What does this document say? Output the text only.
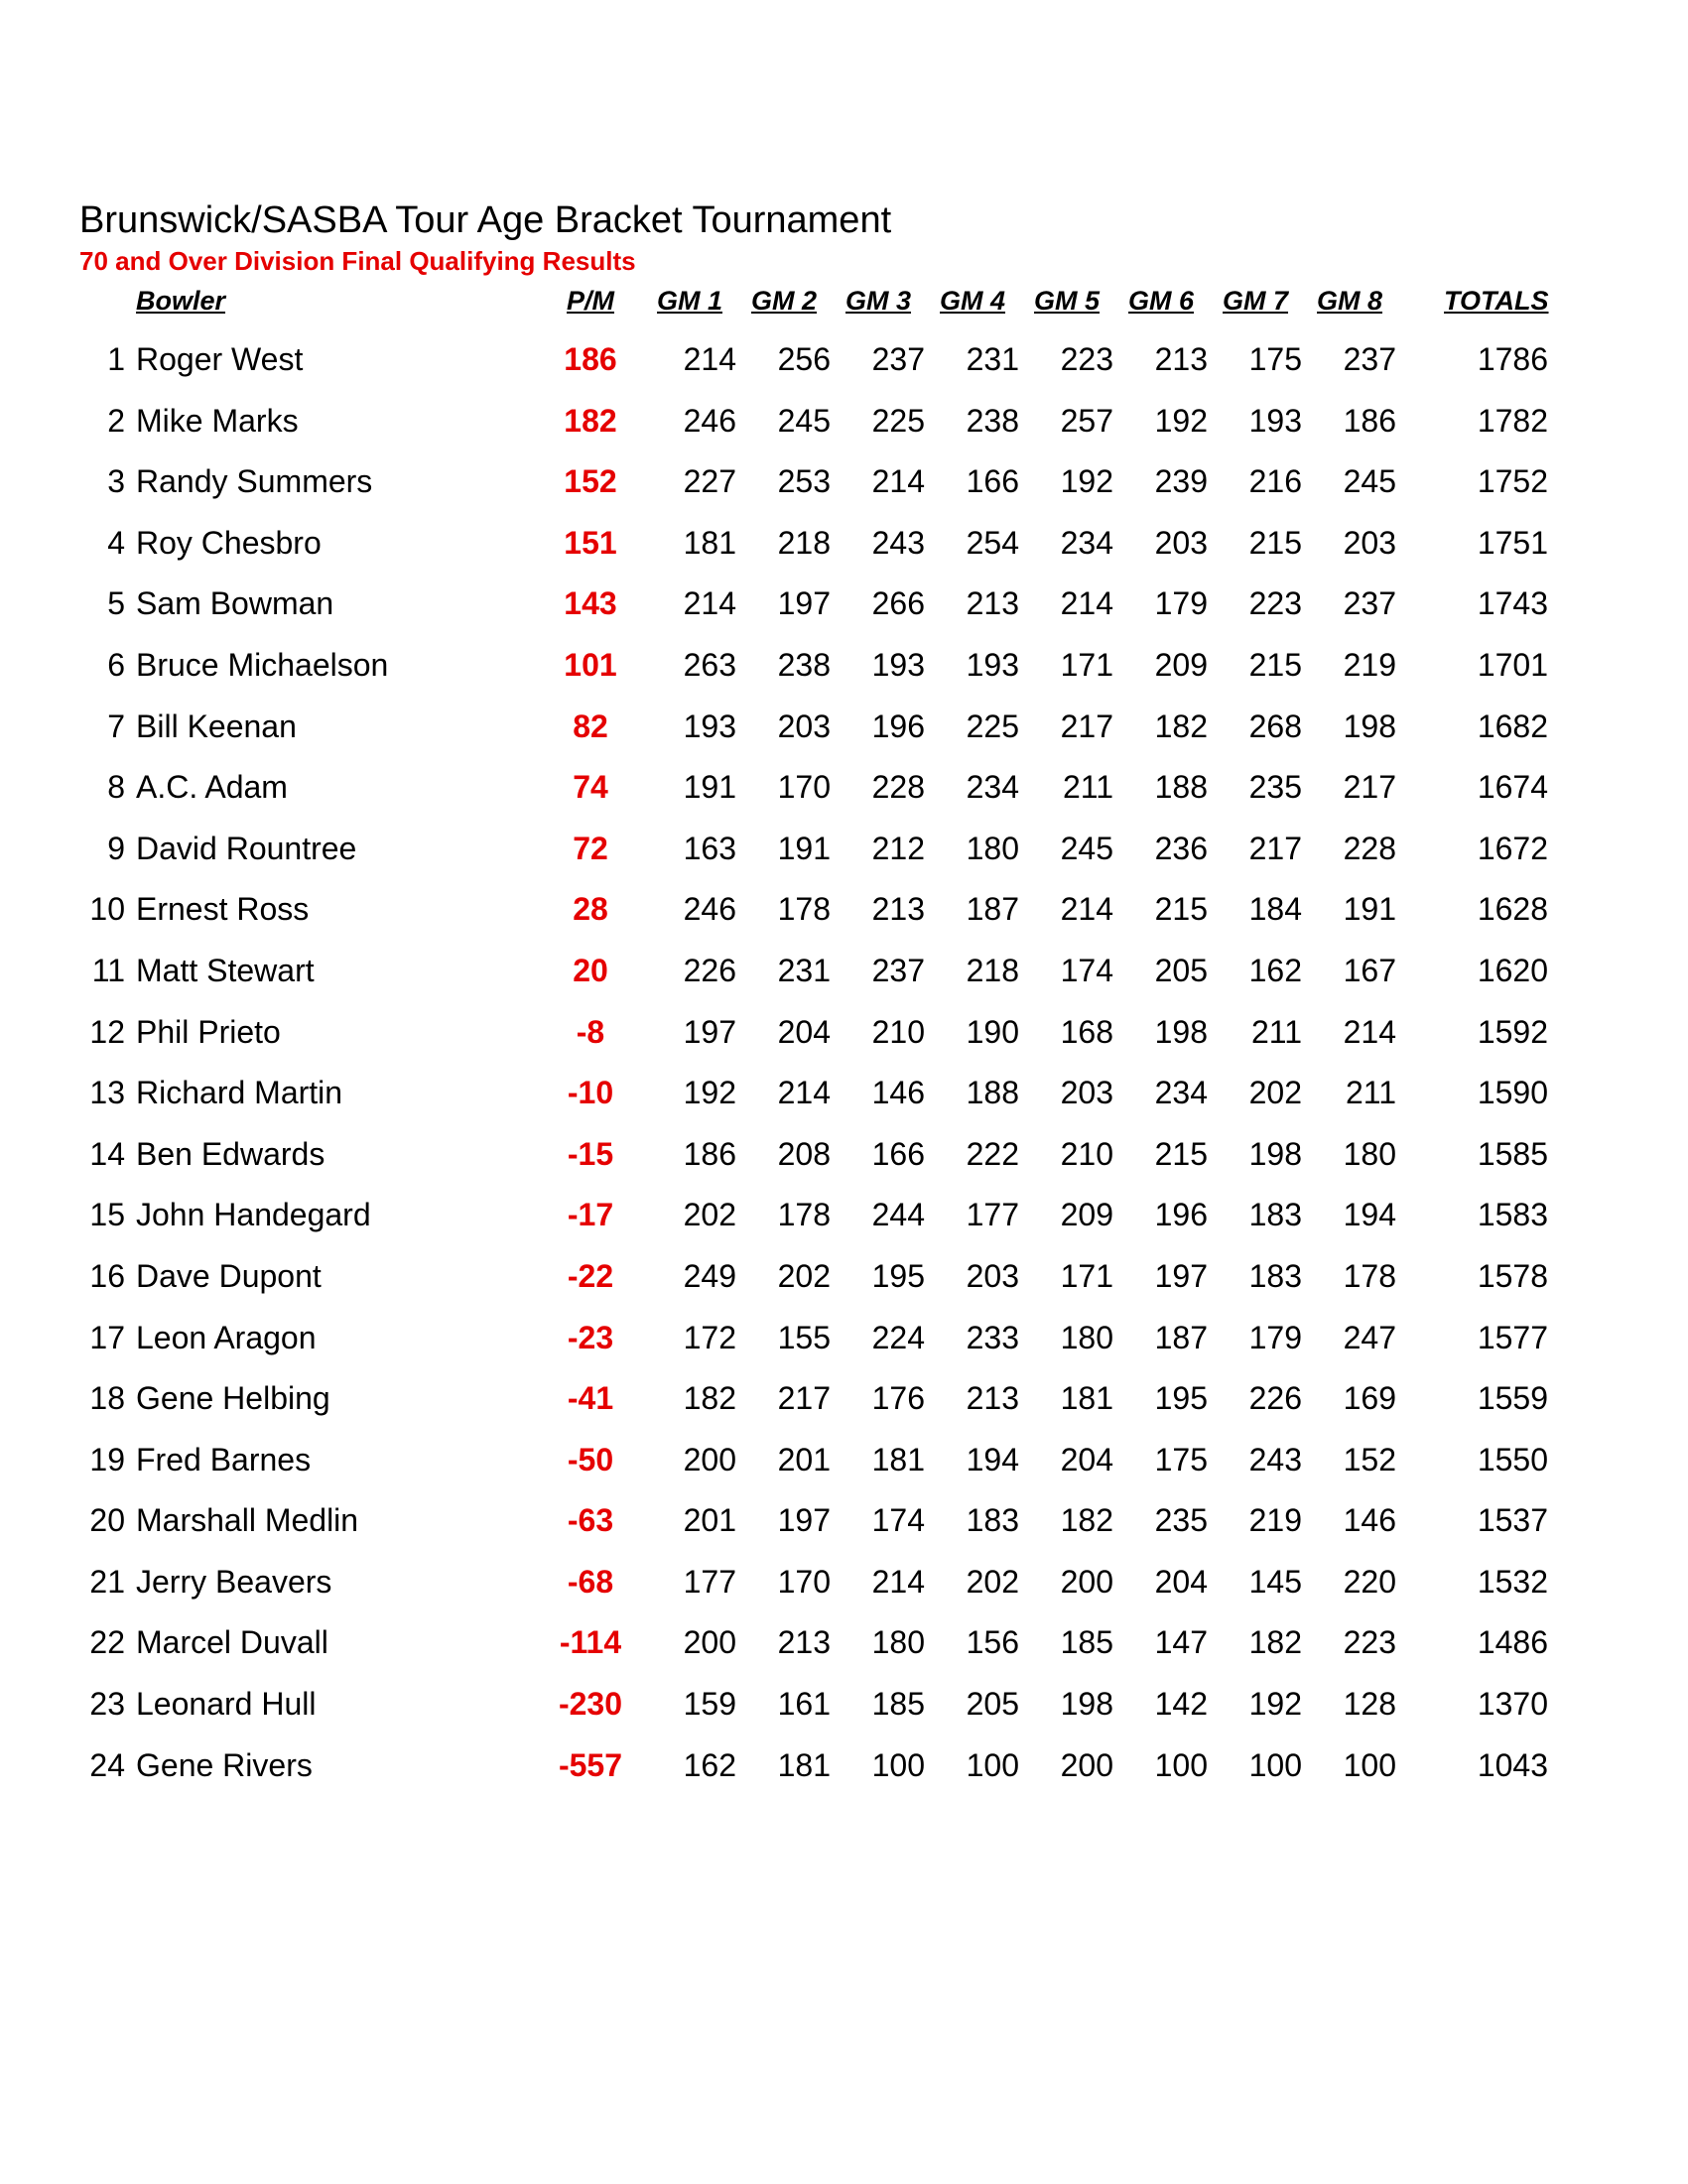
Brunswick/SASBA Tour Age Bracket Tournament
70 and Over Division Final Qualifying Results
Bowler	P/M	GM 1 GM 2 GM 3 GM 4 GM 5 GM 6 GM 7 GM 8 TOTALS
1 Roger West	186	214	256	237	231	223	213	175	237	1786
2 Mike Marks	182	246	245	225	238	257	192	193	186	1782
3 Randy Summers	152	227	253	214	166	192	239	216	245	1752
4 Roy Chesbro	151	181	218	243	254	234	203	215	203	1751
5 Sam Bowman	143	214	197	266	213	214	179	223	237	1743
6 Bruce Michaelson	101	263	238	193	193	171	209	215	219	1701
7 Bill Keenan	82	193	203	196	225	217	182	268	198	1682
8 A.C. Adam	74	191	170	228	234	211	188	235	217	1674
9 David Rountree	72	163	191	212	180	245	236	217	228	1672
10 Ernest Ross	28	246	178	213	187	214	215	184	191	1628
11 Matt Stewart	20	226	231	237	218	174	205	162	167	1620
12 Phil Prieto	-8	197	204	210	190	168	198	211	214	1592
13 Richard Martin	-10	192	214	146	188	203	234	202	211	1590
14 Ben Edwards	-15	186	208	166	222	210	215	198	180	1585
15 John Handegard	-17	202	178	244	177	209	196	183	194	1583
16 Dave Dupont	-22	249	202	195	203	171	197	183	178	1578
17 Leon Aragon	-23	172	155	224	233	180	187	179	247	1577
18 Gene Helbing	-41	182	217	176	213	181	195	226	169	1559
19 Fred Barnes	-50	200	201	181	194	204	175	243	152	1550
20 Marshall Medlin	-63	201	197	174	183	182	235	219	146	1537
21 Jerry Beavers	-68	177	170	214	202	200	204	145	220	1532
22 Marcel Duvall	-114	200	213	180	156	185	147	182	223	1486
23 Leonard Hull	-230	159	161	185	205	198	142	192	128	1370
24 Gene Rivers	-557	162	181	100	100	200	100	100	100	1043
